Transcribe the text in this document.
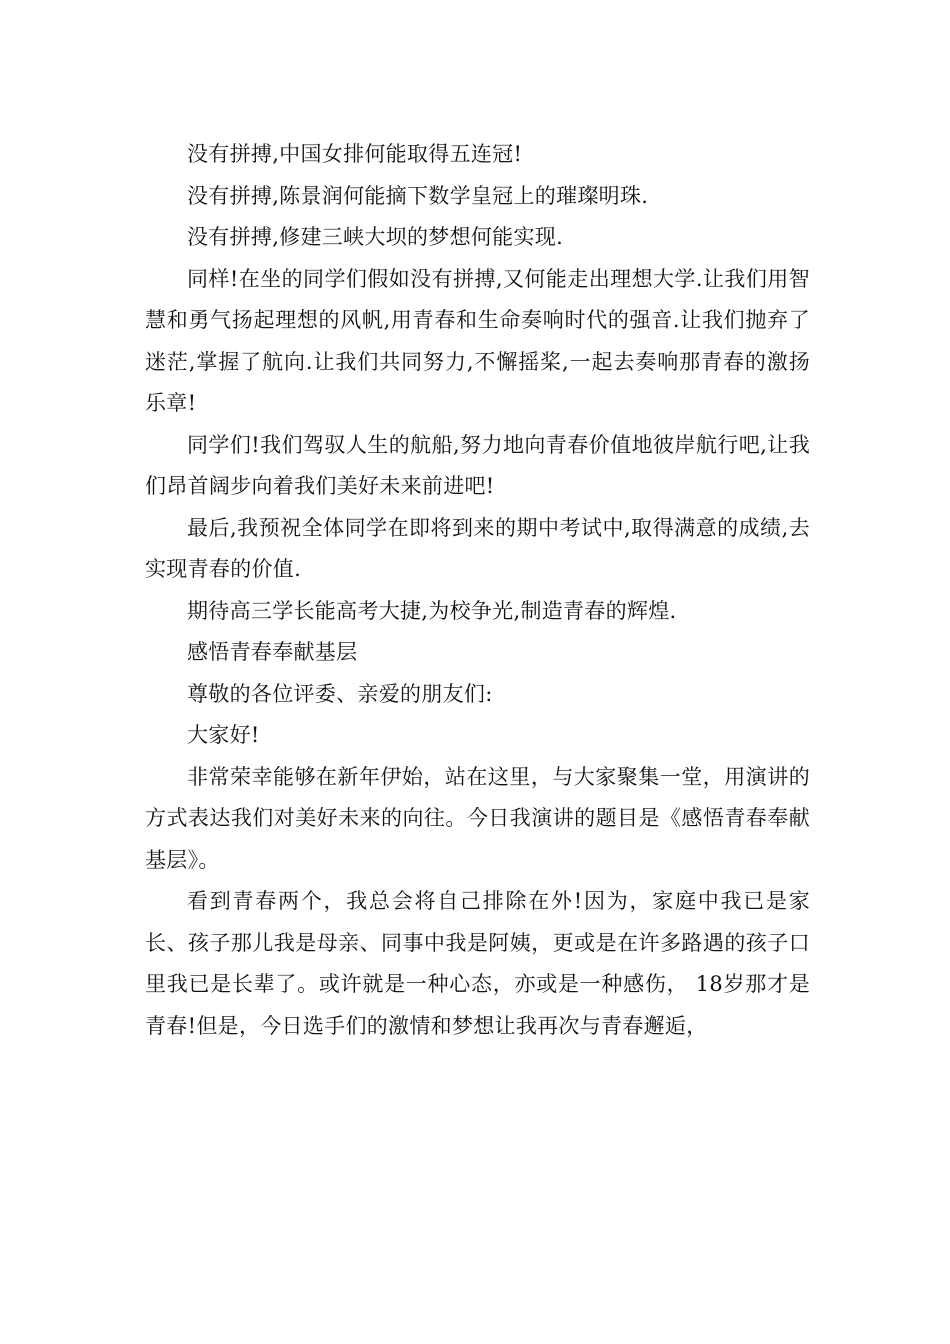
没有拼搏,中国女排何能取得五连冠!

没有拼搏,陈景润何能摘下数学皇冠上的璀璨明珠.

没有拼搏,修建三峡大坝的梦想何能实现.

同样!在坐的同学们假如没有拼搏,又何能走出理想大学.让我们用智慧和勇气扬起理想的风帆,用青春和生命奏响时代的强音.让我们抛弃了迷茫,掌握了航向.让我们共同努力,不懈摇桨,一起去奏响那青春的激扬乐章!

同学们!我们驾驭人生的航船,努力地向青春价值地彼岸航行吧,让我们昂首阔步向着我们美好未来前进吧!

最后,我预祝全体同学在即将到来的期中考试中,取得满意的成绩,去实现青春的价值.

期待高三学长能高考大捷,为校争光,制造青春的辉煌.

感悟青春奉献基层

尊敬的各位评委、亲爱的朋友们:

大家好!

非常荣幸能够在新年伊始，站在这里，与大家聚集一堂，用演讲的方式表达我们对美好未来的向往。今日我演讲的题目是《感悟青春奉献基层》。

看到青春两个，我总会将自己排除在外!因为，家庭中我已是家长、孩子那儿我是母亲、同事中我是阿姨，更或是在许多路遇的孩子口里我已是长辈了。或许就是一种心态，亦或是一种感伤， 18岁那才是青春!但是，今日选手们的激情和梦想让我再次与青春邂逅，
